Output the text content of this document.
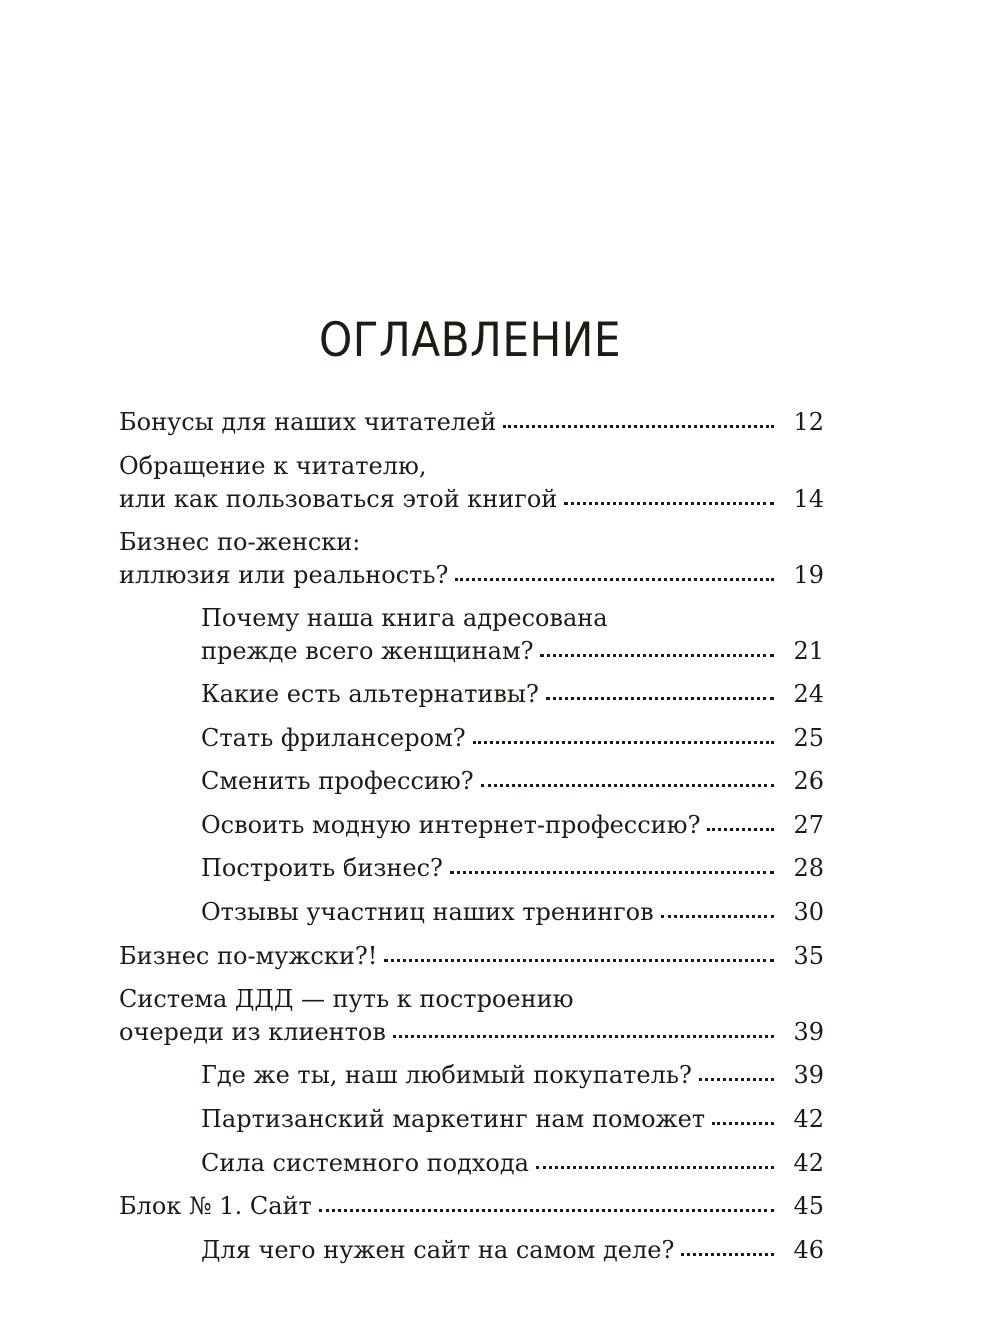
ОГЛАВЛЕНИЕ
Бонусы для наших читателей	12
Обращение к читателю,
или как пользоваться этой книгой	14
Бизнес по-женски:
иллюзия или реальность?	19
Почему наша книга адресована
прежде всего женщинам?	21
Какие есть альтернативы?	24
Стать фрилансером?	25
Сменить профессию?	26
Освоить модную интернет-профессию?	27
Построить бизнес?	28
Отзывы участниц наших тренингов	30
Бизнес по-мужски?!	35
Система ДДД — путь к построению
очереди из клиентов	39
Где же ты, наш любимый покупатель?	39
Партизанский маркетинг нам поможет	42
Сила системного подхода	42
Блок № 1. Сайт	45
Для чего нужен сайт на самом деле?	46
